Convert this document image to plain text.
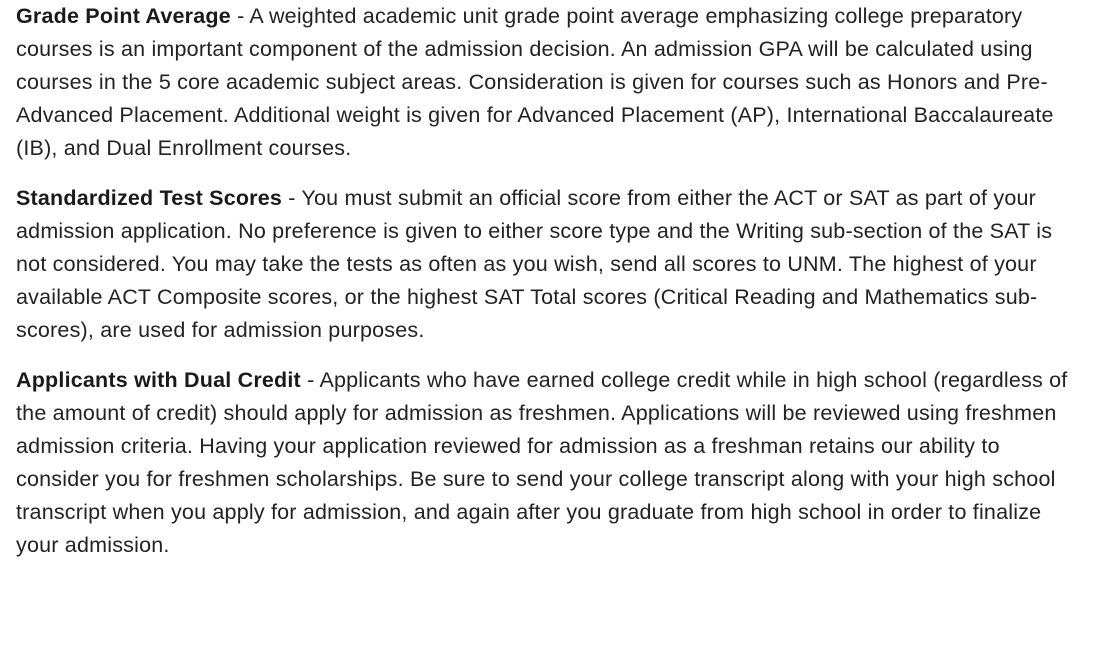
Grade Point Average - A weighted academic unit grade point average emphasizing college preparatory courses is an important component of the admission decision. An admission GPA will be calculated using courses in the 5 core academic subject areas. Consideration is given for courses such as Honors and Pre-Advanced Placement. Additional weight is given for Advanced Placement (AP), International Baccalaureate (IB), and Dual Enrollment courses.

Standardized Test Scores - You must submit an official score from either the ACT or SAT as part of your admission application. No preference is given to either score type and the Writing sub-section of the SAT is not considered. You may take the tests as often as you wish, send all scores to UNM. The highest of your available ACT Composite scores, or the highest SAT Total scores (Critical Reading and Mathematics sub-scores), are used for admission purposes.

Applicants with Dual Credit - Applicants who have earned college credit while in high school (regardless of the amount of credit) should apply for admission as freshmen. Applications will be reviewed using freshmen admission criteria. Having your application reviewed for admission as a freshman retains our ability to consider you for freshmen scholarships. Be sure to send your college transcript along with your high school transcript when you apply for admission, and again after you graduate from high school in order to finalize your admission.
